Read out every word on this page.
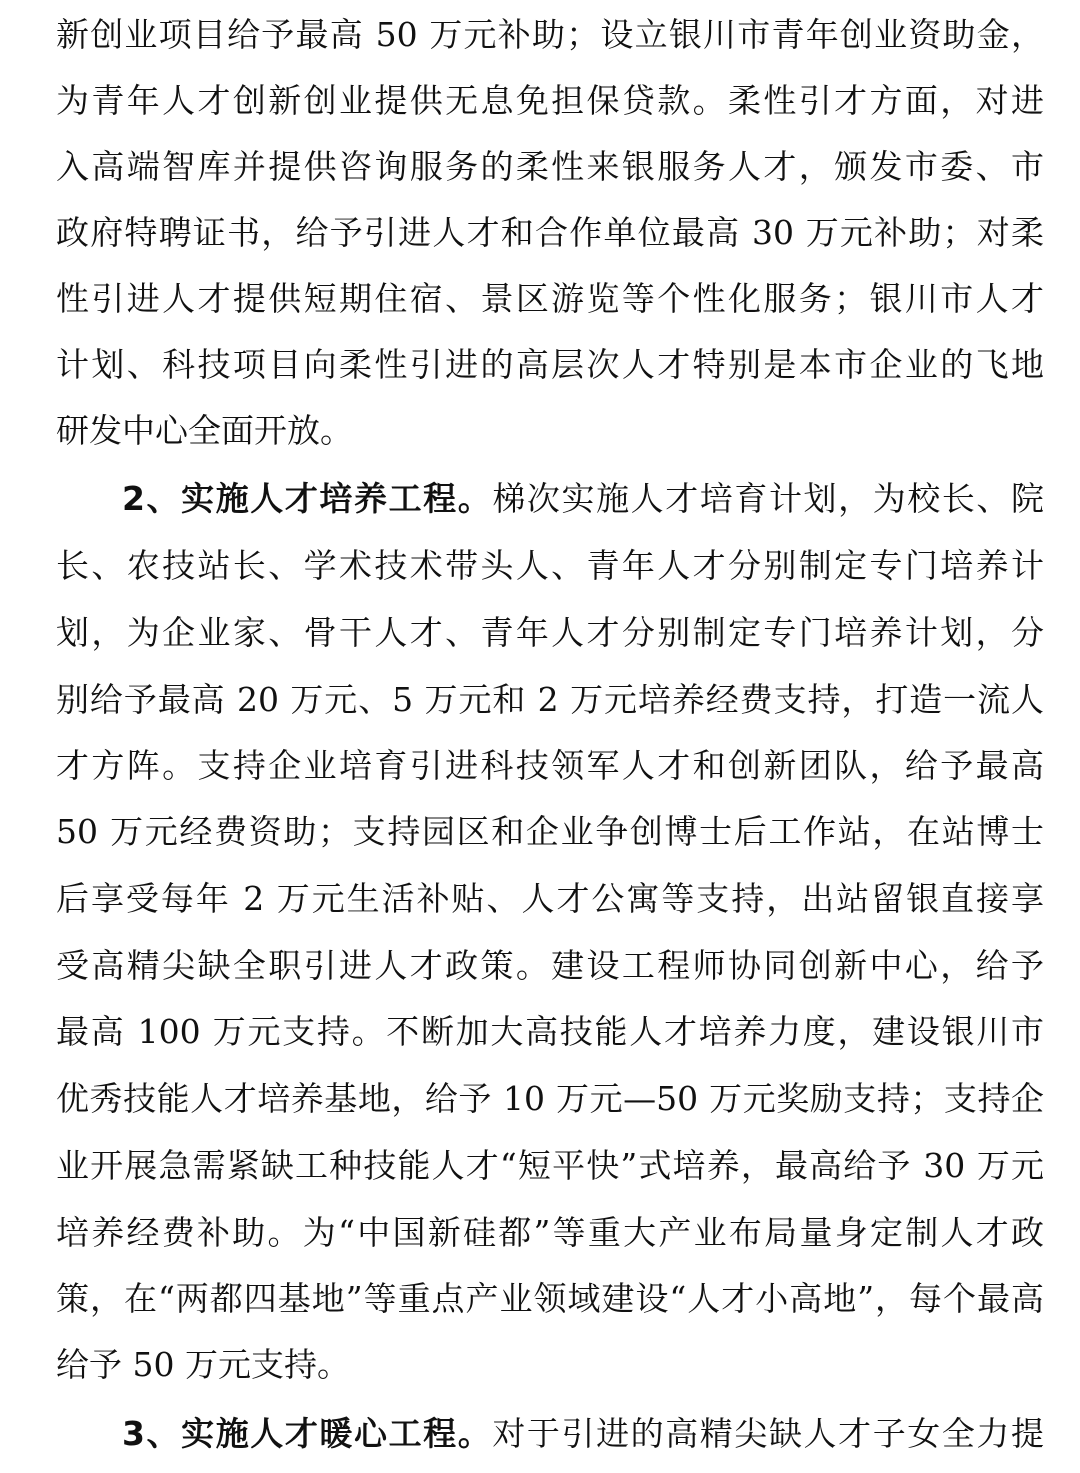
新创业项目给予最高 50 万元补助；设立银川市青年创业资助金，
为青年人才创新创业提供无息免担保贷款。柔性引才方面，对进
入高端智库并提供咨询服务的柔性来银服务人才，颁发市委、市
政府特聘证书，给予引进人才和合作单位最高 30 万元补助；对柔
性引进人才提供短期住宿、景区游览等个性化服务；银川市人才
计划、科技项目向柔性引进的高层次人才特别是本市企业的飞地
研发中心全面开放。
2、实施人才培养工程。梯次实施人才培育计划，为校长、院
长、农技站长、学术技术带头人、青年人才分别制定专门培养计
划，为企业家、骨干人才、青年人才分别制定专门培养计划，分
别给予最高 20 万元、5 万元和 2 万元培养经费支持，打造一流人
才方阵。支持企业培育引进科技领军人才和创新团队，给予最高
50 万元经费资助；支持园区和企业争创博士后工作站，在站博士
后享受每年 2 万元生活补贴、人才公寓等支持，出站留银直接享
受高精尖缺全职引进人才政策。建设工程师协同创新中心，给予
最高 100 万元支持。不断加大高技能人才培养力度，建设银川市
优秀技能人才培养基地，给予 10 万元—50 万元奖励支持；支持企
业开展急需紧缺工种技能人才“短平快”式培养，最高给予 30 万元
培养经费补助。为“中国新硅都”等重大产业布局量身定制人才政
策，在“两都四基地”等重点产业领域建设“人才小高地”，每个最高
给予 50 万元支持。
3、实施人才暖心工程。对于引进的高精尖缺人才子女全力提
